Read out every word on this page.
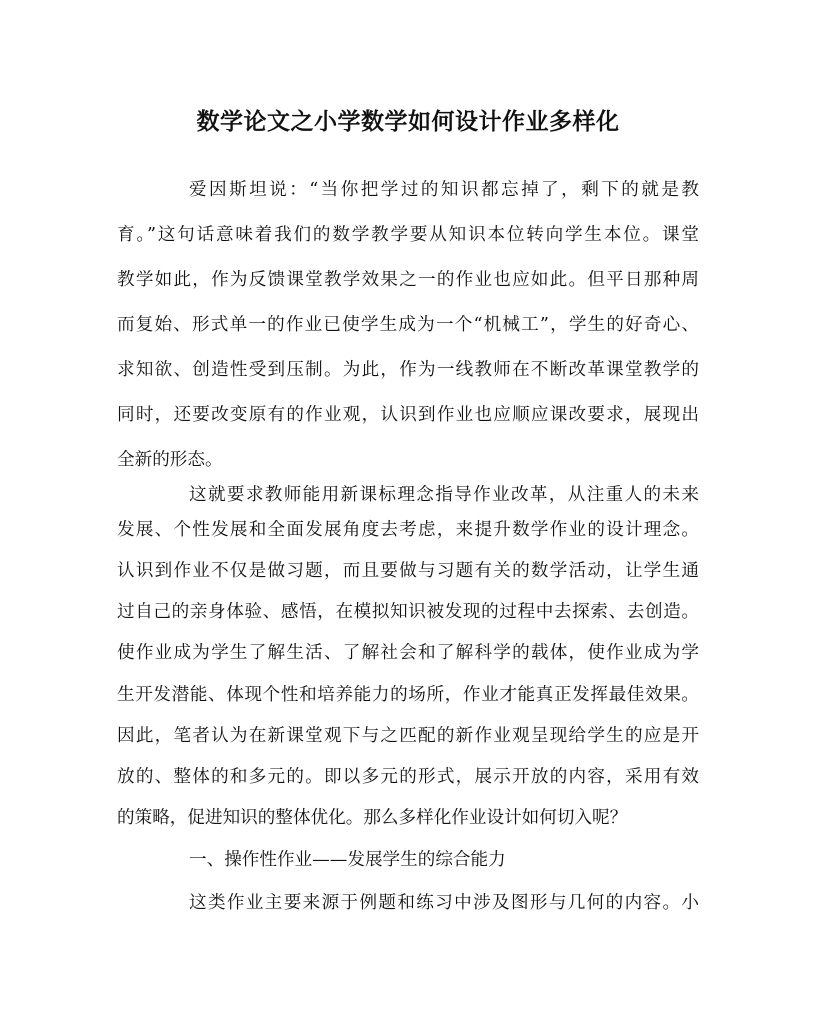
数学论文之小学数学如何设计作业多样化
爱因斯坦说：“当你把学过的知识都忘掉了，剩下的就是教
育。”这句话意味着我们的数学教学要从知识本位转向学生本位。课堂
教学如此，作为反馈课堂教学效果之一的作业也应如此。但平日那种周
而复始、形式单一的作业已使学生成为一个“机械工”，学生的好奇心、
求知欲、创造性受到压制。为此，作为一线教师在不断改革课堂教学的
同时，还要改变原有的作业观，认识到作业也应顺应课改要求，展现出
全新的形态。
这就要求教师能用新课标理念指导作业改革，从注重人的未来
发展、个性发展和全面发展角度去考虑，来提升数学作业的设计理念。
认识到作业不仅是做习题，而且要做与习题有关的数学活动，让学生通
过自己的亲身体验、感悟，在模拟知识被发现的过程中去探索、去创造。
使作业成为学生了解生活、了解社会和了解科学的载体，使作业成为学
生开发潜能、体现个性和培养能力的场所，作业才能真正发挥最佳效果。
因此，笔者认为在新课堂观下与之匹配的新作业观呈现给学生的应是开
放的、整体的和多元的。即以多元的形式，展示开放的内容，采用有效
的策略，促进知识的整体优化。那么多样化作业设计如何切入呢？
一、操作性作业——发展学生的综合能力
这类作业主要来源于例题和练习中涉及图形与几何的内容。小
